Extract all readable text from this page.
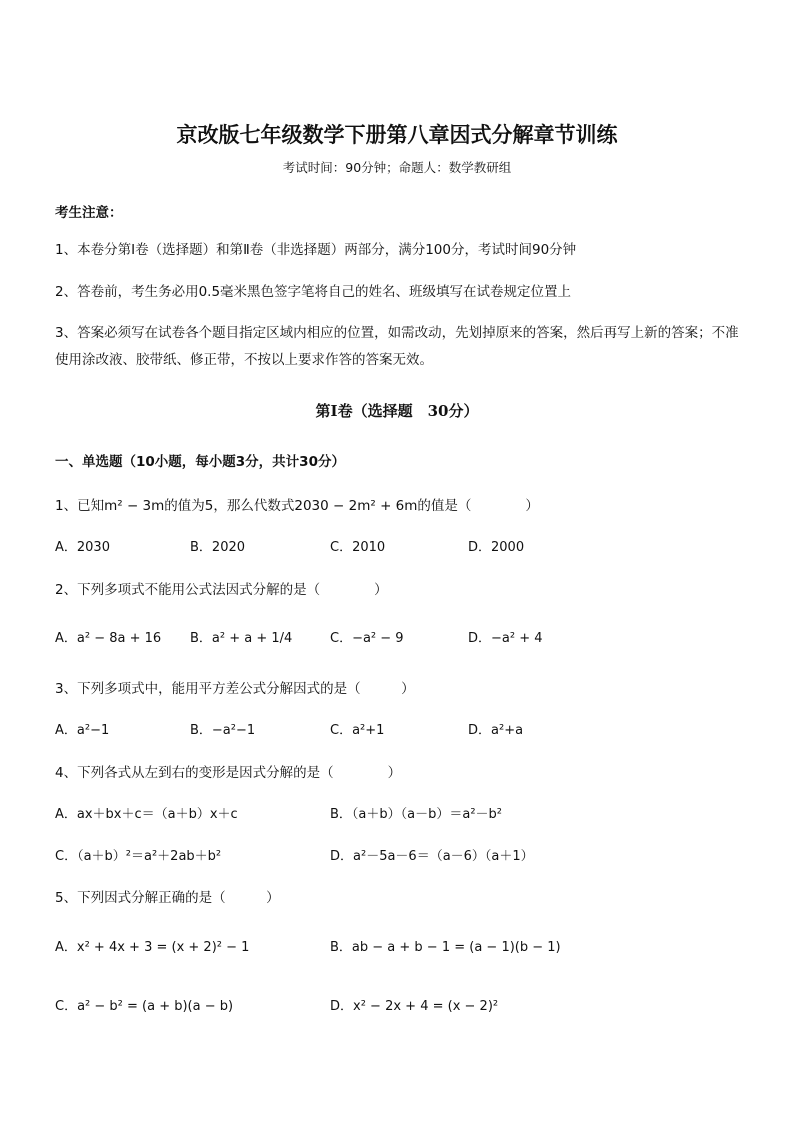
京改版七年级数学下册第八章因式分解章节训练
考试时间：90分钟；命题人：数学教研组
考生注意：
1、本卷分第Ⅰ卷（选择题）和第Ⅱ卷（非选择题）两部分，满分100分，考试时间90分钟
2、答卷前，考生务必用0.5毫米黑色签字笔将自己的姓名、班级填写在试卷规定位置上
3、答案必须写在试卷各个题目指定区域内相应的位置，如需改动，先划掉原来的答案，然后再写上新的答案；不准使用涂改液、胶带纸、修正带，不按以上要求作答的答案无效。
第Ⅰ卷（选择题　30分）
一、单选题（10小题，每小题3分，共计30分）
1、已知m² − 3m的值为5，那么代数式2030 − 2m² + 6m的值是（　　　　）
A．2030	B．2020	C．2010	D．2000
2、下列多项式不能用公式法因式分解的是（　　　　）
A．a² − 8a + 16 B．a² + a + 1/4	C．−a² − 9	D．−a² + 4
3、下列多项式中，能用平方差公式分解因式的是（　　　）
A．a²−1	B．−a²−1	C．a²+1	D．a²+a
4、下列各式从左到右的变形是因式分解的是（　　　　）
A．ax＋bx＋c＝（a＋b）x＋c	B．（a＋b）（a－b）＝a²－b²
C．（a＋b）²＝a²＋2ab＋b²	D．a²－5a－6＝（a－6）（a＋1）
5、下列因式分解正确的是（　　　）
A．x² + 4x + 3 = (x + 2)² − 1	B．ab − a + b − 1 = (a − 1)(b − 1)
C．a² − b² = (a + b)(a − b)	D．x² − 2x + 4 = (x − 2)²
